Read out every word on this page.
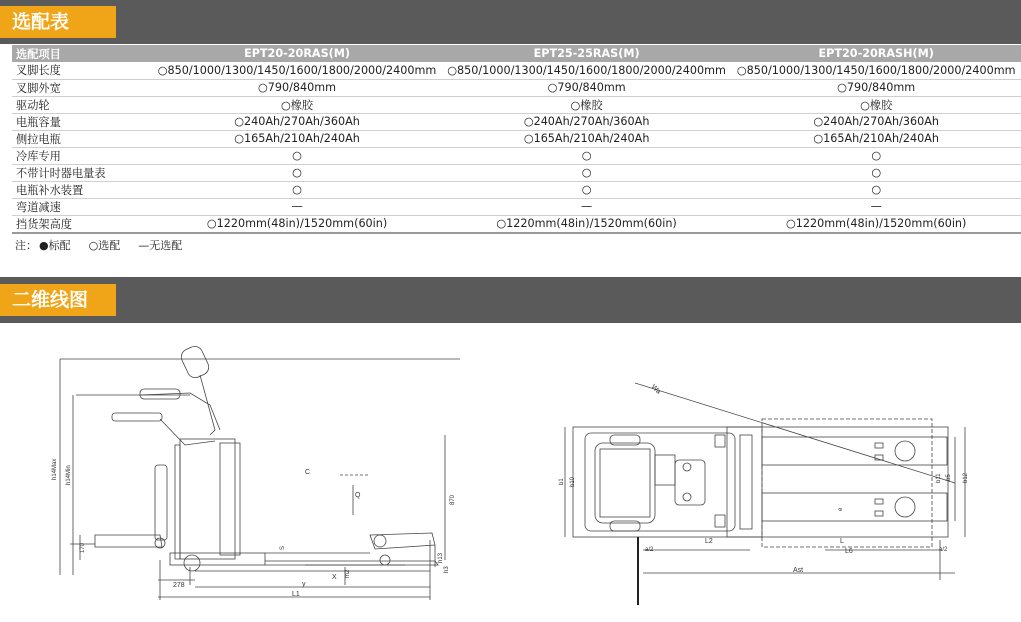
选配表
选配项目	EPT20-20RAS(M)	EPT25-25RAS(M)	EPT20-20RASH(M)
叉脚长度	○850/1000/1300/1450/1600/1800/2000/2400mm	○850/1000/1300/1450/1600/1800/2000/2400mm	○850/1000/1300/1450/1600/1800/2000/2400mm
叉脚外宽	○790/840mm	○790/840mm	○790/840mm
驱动轮	○橡胶	○橡胶	○橡胶
电瓶容量	○240Ah/270Ah/360Ah	○240Ah/270Ah/360Ah	○240Ah/270Ah/360Ah
侧拉电瓶	○165Ah/210Ah/240Ah	○165Ah/210Ah/240Ah	○165Ah/210Ah/240Ah
冷库专用	○	○	○
不带计时器电量表	○	○	○
电瓶补水装置	○	○	○
弯道减速	—	—	—
挡货架高度	○1220mm(48in)/1520mm(60in)	○1220mm(48in)/1520mm(60in)	○1220mm(48in)/1520mm(60in)
注： ●标配 ○选配 —无选配
二维线图
h14Max h14Min	C
Q	870
170	S
h13
m2
X
y
278
L1
h3
Wa
b1 b10
e
b11 b5 b12
a/2
L2	L
L6	a/2
Ast
